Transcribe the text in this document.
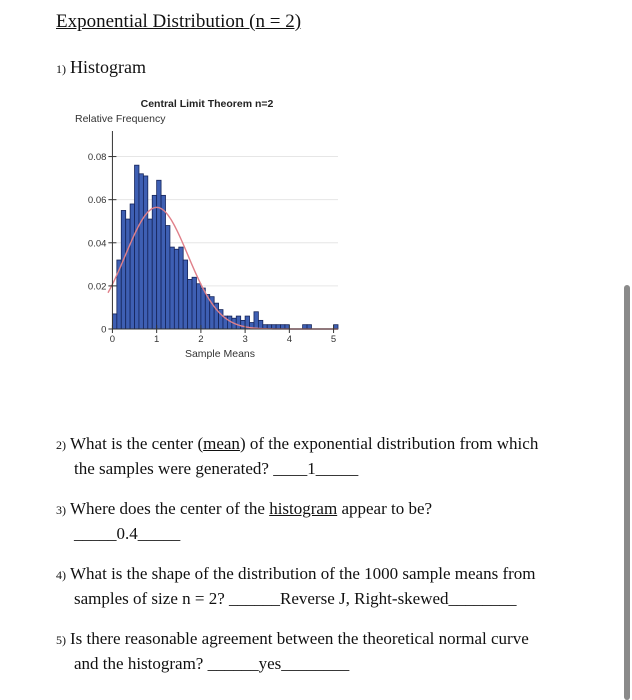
Exponential Distribution (n = 2)
1) Histogram
0
0.02
0.04
0.06
0.08
0	1	2	3	4	5
Central Limit Theorem n=2
Relative Frequency
Sample Means
2) What is the center (mean) of the exponential distribution from which
the samples were generated? ____1_____
3) Where does the center of the histogram appear to be?
_____0.4_____
4) What is the shape of the distribution of the 1000 sample means from
samples of size n = 2? ______Reverse J, Right-skewed________
5) Is there reasonable agreement between the theoretical normal curve
and the histogram? ______yes________
